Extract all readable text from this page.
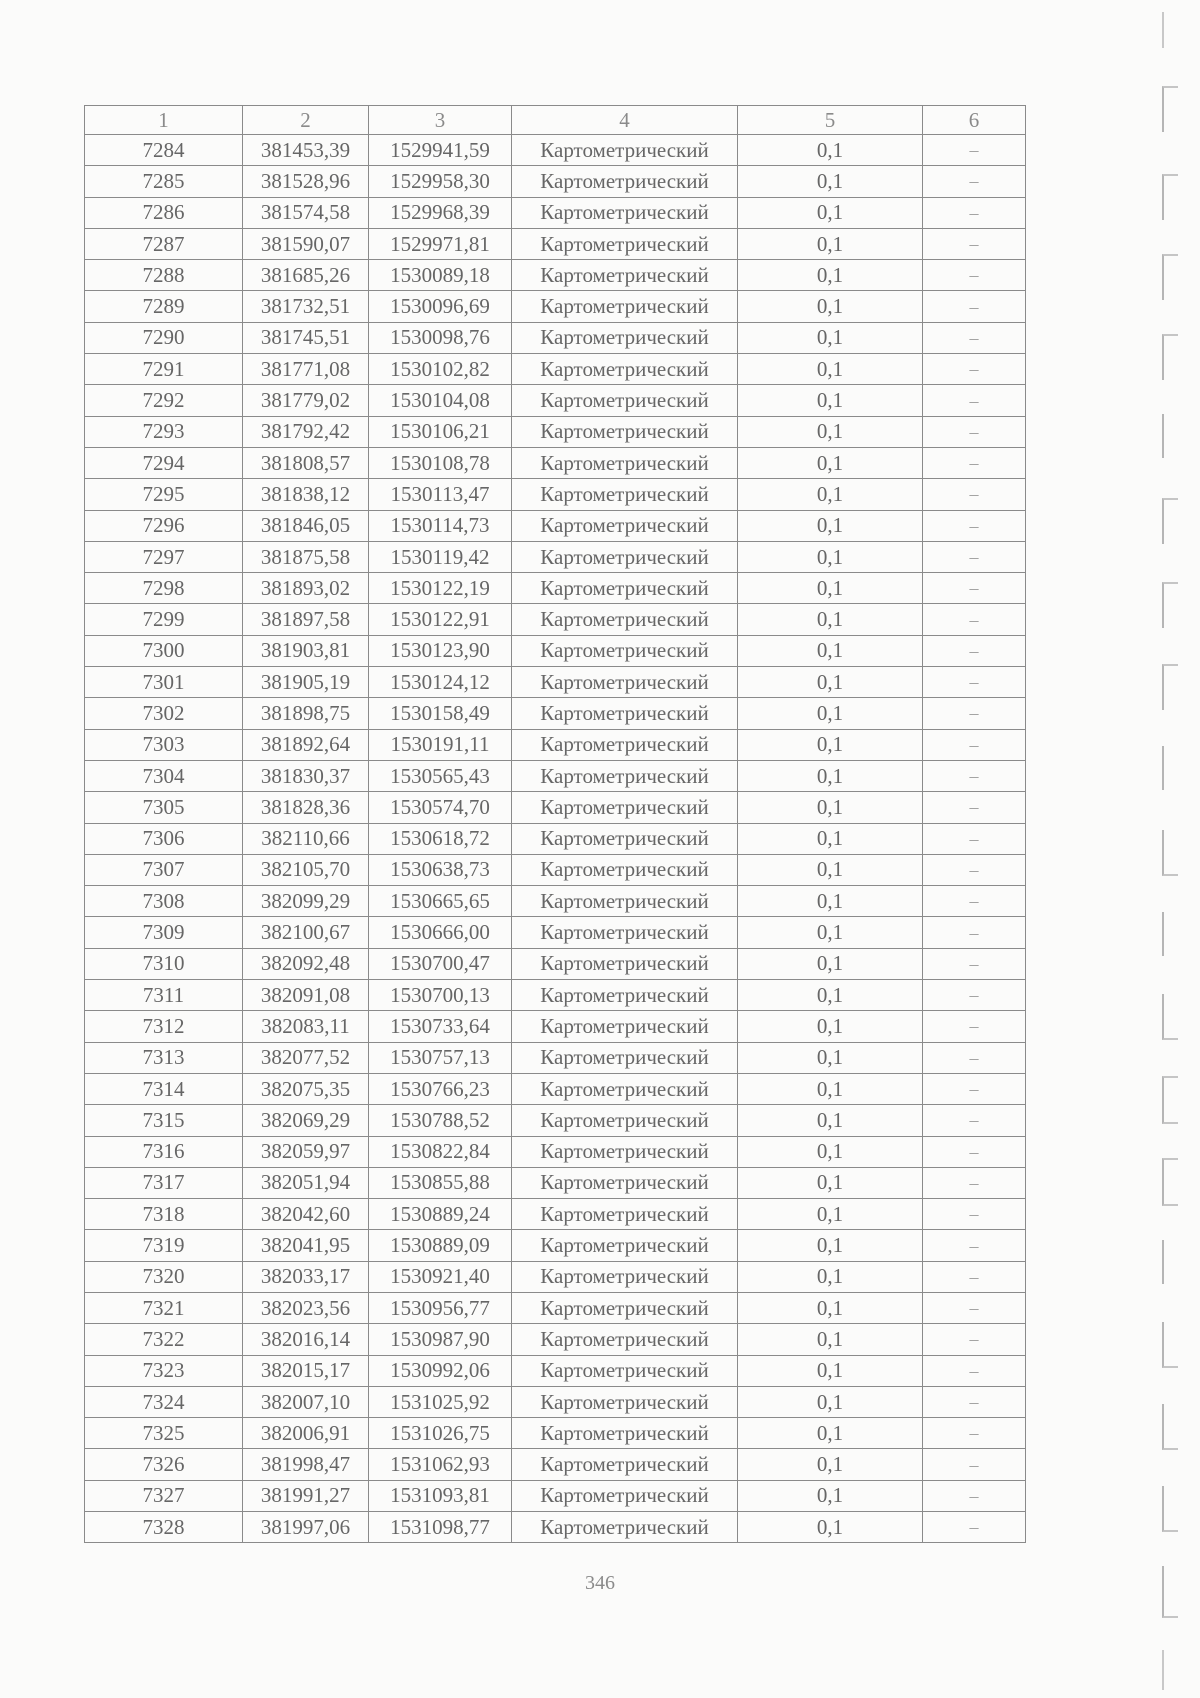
1	2	3	4	5	6
7284	381453,39	1529941,59	Картометрический	0,1	–
7285	381528,96	1529958,30	Картометрический	0,1	–
7286	381574,58	1529968,39	Картометрический	0,1	–
7287	381590,07	1529971,81	Картометрический	0,1	–
7288	381685,26	1530089,18	Картометрический	0,1	–
7289	381732,51	1530096,69	Картометрический	0,1	–
7290	381745,51	1530098,76	Картометрический	0,1	–
7291	381771,08	1530102,82	Картометрический	0,1	–
7292	381779,02	1530104,08	Картометрический	0,1	–
7293	381792,42	1530106,21	Картометрический	0,1	–
7294	381808,57	1530108,78	Картометрический	0,1	–
7295	381838,12	1530113,47	Картометрический	0,1	–
7296	381846,05	1530114,73	Картометрический	0,1	–
7297	381875,58	1530119,42	Картометрический	0,1	–
7298	381893,02	1530122,19	Картометрический	0,1	–
7299	381897,58	1530122,91	Картометрический	0,1	–
7300	381903,81	1530123,90	Картометрический	0,1	–
7301	381905,19	1530124,12	Картометрический	0,1	–
7302	381898,75	1530158,49	Картометрический	0,1	–
7303	381892,64	1530191,11	Картометрический	0,1	–
7304	381830,37	1530565,43	Картометрический	0,1	–
7305	381828,36	1530574,70	Картометрический	0,1	–
7306	382110,66	1530618,72	Картометрический	0,1	–
7307	382105,70	1530638,73	Картометрический	0,1	–
7308	382099,29	1530665,65	Картометрический	0,1	–
7309	382100,67	1530666,00	Картометрический	0,1	–
7310	382092,48	1530700,47	Картометрический	0,1	–
7311	382091,08	1530700,13	Картометрический	0,1	–
7312	382083,11	1530733,64	Картометрический	0,1	–
7313	382077,52	1530757,13	Картометрический	0,1	–
7314	382075,35	1530766,23	Картометрический	0,1	–
7315	382069,29	1530788,52	Картометрический	0,1	–
7316	382059,97	1530822,84	Картометрический	0,1	–
7317	382051,94	1530855,88	Картометрический	0,1	–
7318	382042,60	1530889,24	Картометрический	0,1	–
7319	382041,95	1530889,09	Картометрический	0,1	–
7320	382033,17	1530921,40	Картометрический	0,1	–
7321	382023,56	1530956,77	Картометрический	0,1	–
7322	382016,14	1530987,90	Картометрический	0,1	–
7323	382015,17	1530992,06	Картометрический	0,1	–
7324	382007,10	1531025,92	Картометрический	0,1	–
7325	382006,91	1531026,75	Картометрический	0,1	–
7326	381998,47	1531062,93	Картометрический	0,1	–
7327	381991,27	1531093,81	Картометрический	0,1	–
7328	381997,06	1531098,77	Картометрический	0,1	–
346
